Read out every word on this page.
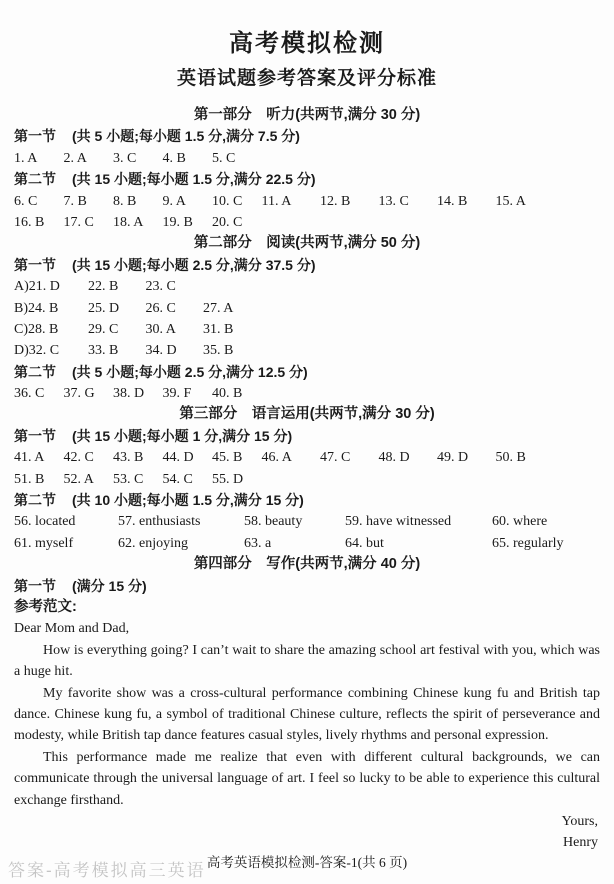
高考模拟检测
英语试题参考答案及评分标准
第一部分　听力(共两节,满分 30 分)
第一节 (共 5 小题;每小题 1.5 分,满分 7.5 分)
1. A 2. A 3. C 4. B 5. C
第二节 (共 15 小题;每小题 1.5 分,满分 22.5 分)
6. C 7. B 8. B 9. A 10. C 11. A 12. B 13. C 14. B 15. A
16. B 17. C 18. A 19. B 20. C
第二部分　阅读(共两节,满分 50 分)
第一节 (共 15 小题;每小题 2.5 分,满分 37.5 分)
A)21. D 22. B 23. C
B)24. B 25. D 26. C 27. A
C)28. B 29. C 30. A 31. B
D)32. C 33. B 34. D 35. B
第二节 (共 5 小题;每小题 2.5 分,满分 12.5 分)
36. C 37. G 38. D 39. F 40. B
第三部分　语言运用(共两节,满分 30 分)
第一节 (共 15 小题;每小题 1 分,满分 15 分)
41. A 42. C 43. B 44. D 45. B 46. A 47. C 48. D 49. D 50. B
51. B 52. A 53. C 54. C 55. D
第二节 (共 10 小题;每小题 1.5 分,满分 15 分)
56. located	57. enthusiasts	58. beauty	59. have witnessed	60. where
61. myself	62. enjoying	63. a	64. but	65. regularly
第四部分　写作(共两节,满分 40 分)
第一节 (满分 15 分)
参考范文:

Dear Mom and Dad,

How is everything going? I can’t wait to share the amazing school art festival with you, which was a huge hit.

My favorite show was a cross-cultural performance combining Chinese kung fu and British tap dance. Chinese kung fu, a symbol of traditional Chinese culture, reflects the spirit of perseverance and modesty, while British tap dance features casual styles, lively rhythms and personal expression.

This performance made me realize that even with different cultural backgrounds, we can communicate through the universal language of art. I feel so lucky to be able to experience this cultural exchange firsthand.

Yours,

Henry

答案-高考模拟高三英语 高考英语模拟检测-答案-1(共 6 页)
